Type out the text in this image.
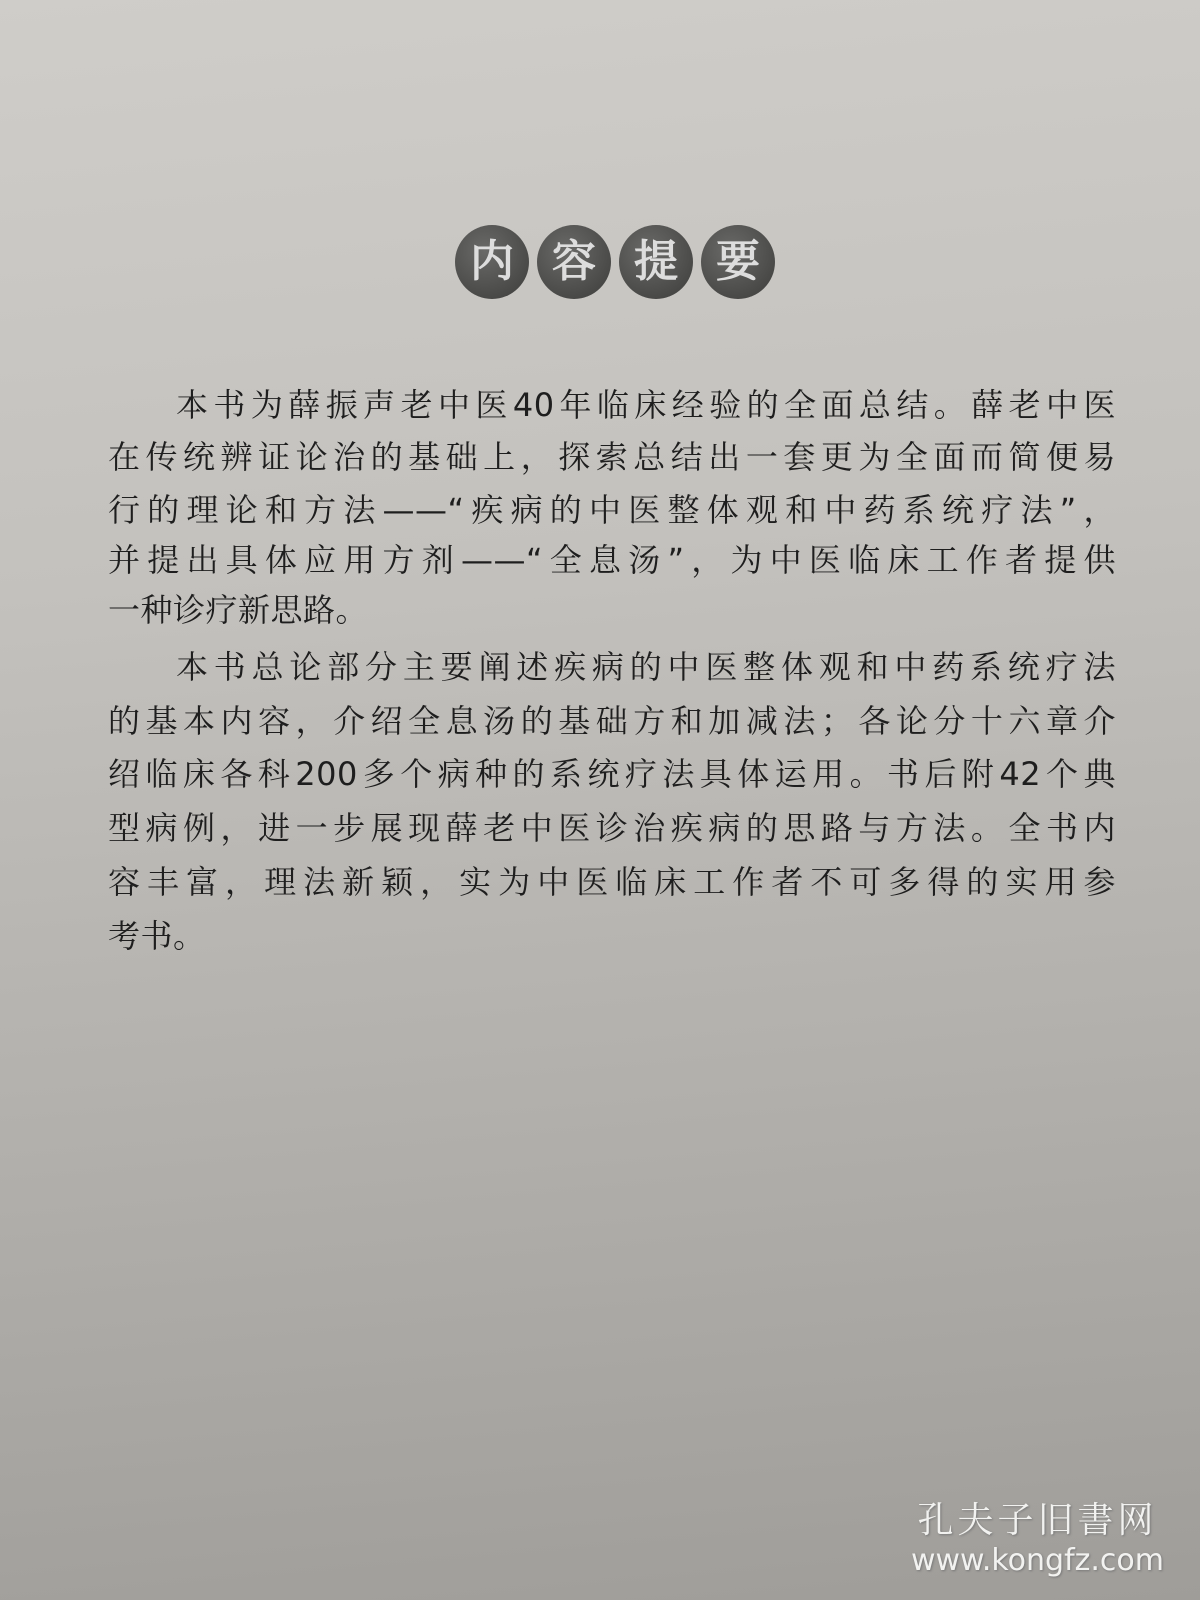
内 容 提 要
本书为薛振声老中医40年临床经验的全面总结。薛老中医
在传统辨证论治的基础上，探索总结出一套更为全面而简便易
行的理论和方法——“疾病的中医整体观和中药系统疗法”，
并提出具体应用方剂——“全息汤”，为中医临床工作者提供
一种诊疗新思路。
本书总论部分主要阐述疾病的中医整体观和中药系统疗法
的基本内容，介绍全息汤的基础方和加减法；各论分十六章介
绍临床各科200多个病种的系统疗法具体运用。书后附42个典
型病例，进一步展现薛老中医诊治疾病的思路与方法。全书内
容丰富，理法新颖，实为中医临床工作者不可多得的实用参
考书。
孔夫子旧書网
www.kongfz.com
